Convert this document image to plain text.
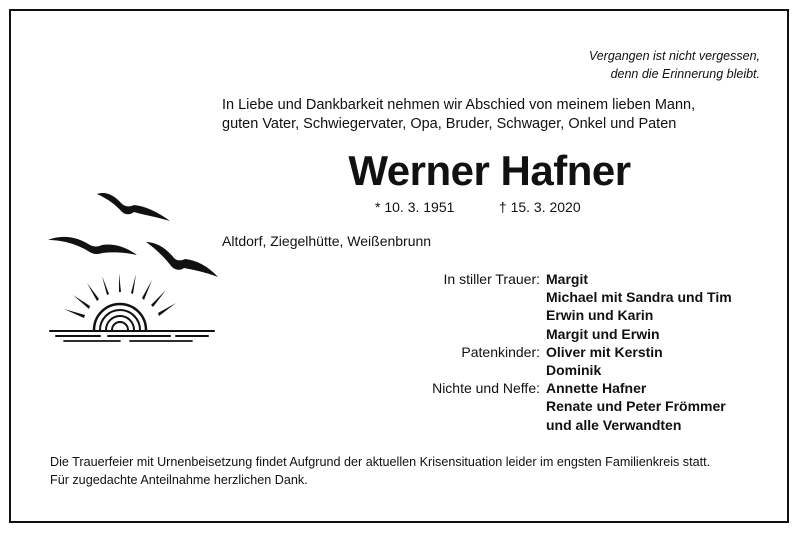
Vergangen ist nicht vergessen,
denn die Erinnerung bleibt.
In Liebe und Dankbarkeit nehmen wir Abschied von meinem lieben Mann,
guten Vater, Schwiegervater, Opa, Bruder, Schwager, Onkel und Paten
Werner Hafner
* 10. 3. 1951	† 15. 3. 2020
Altdorf, Ziegelhütte, Weißenbrunn
In stiller Trauer:	Margit
Michael mit Sandra und Tim
Erwin und Karin
Margit und Erwin

Patenkinder:	Oliver mit Kerstin
Dominik

Nichte und Neffe:	Annette Hafner
Renate und Peter Frömmer
und alle Verwandten
Die Trauerfeier mit Urnenbeisetzung findet Aufgrund der aktuellen Krisensituation leider im engsten Familienkreis statt.
Für zugedachte Anteilnahme herzlichen Dank.
